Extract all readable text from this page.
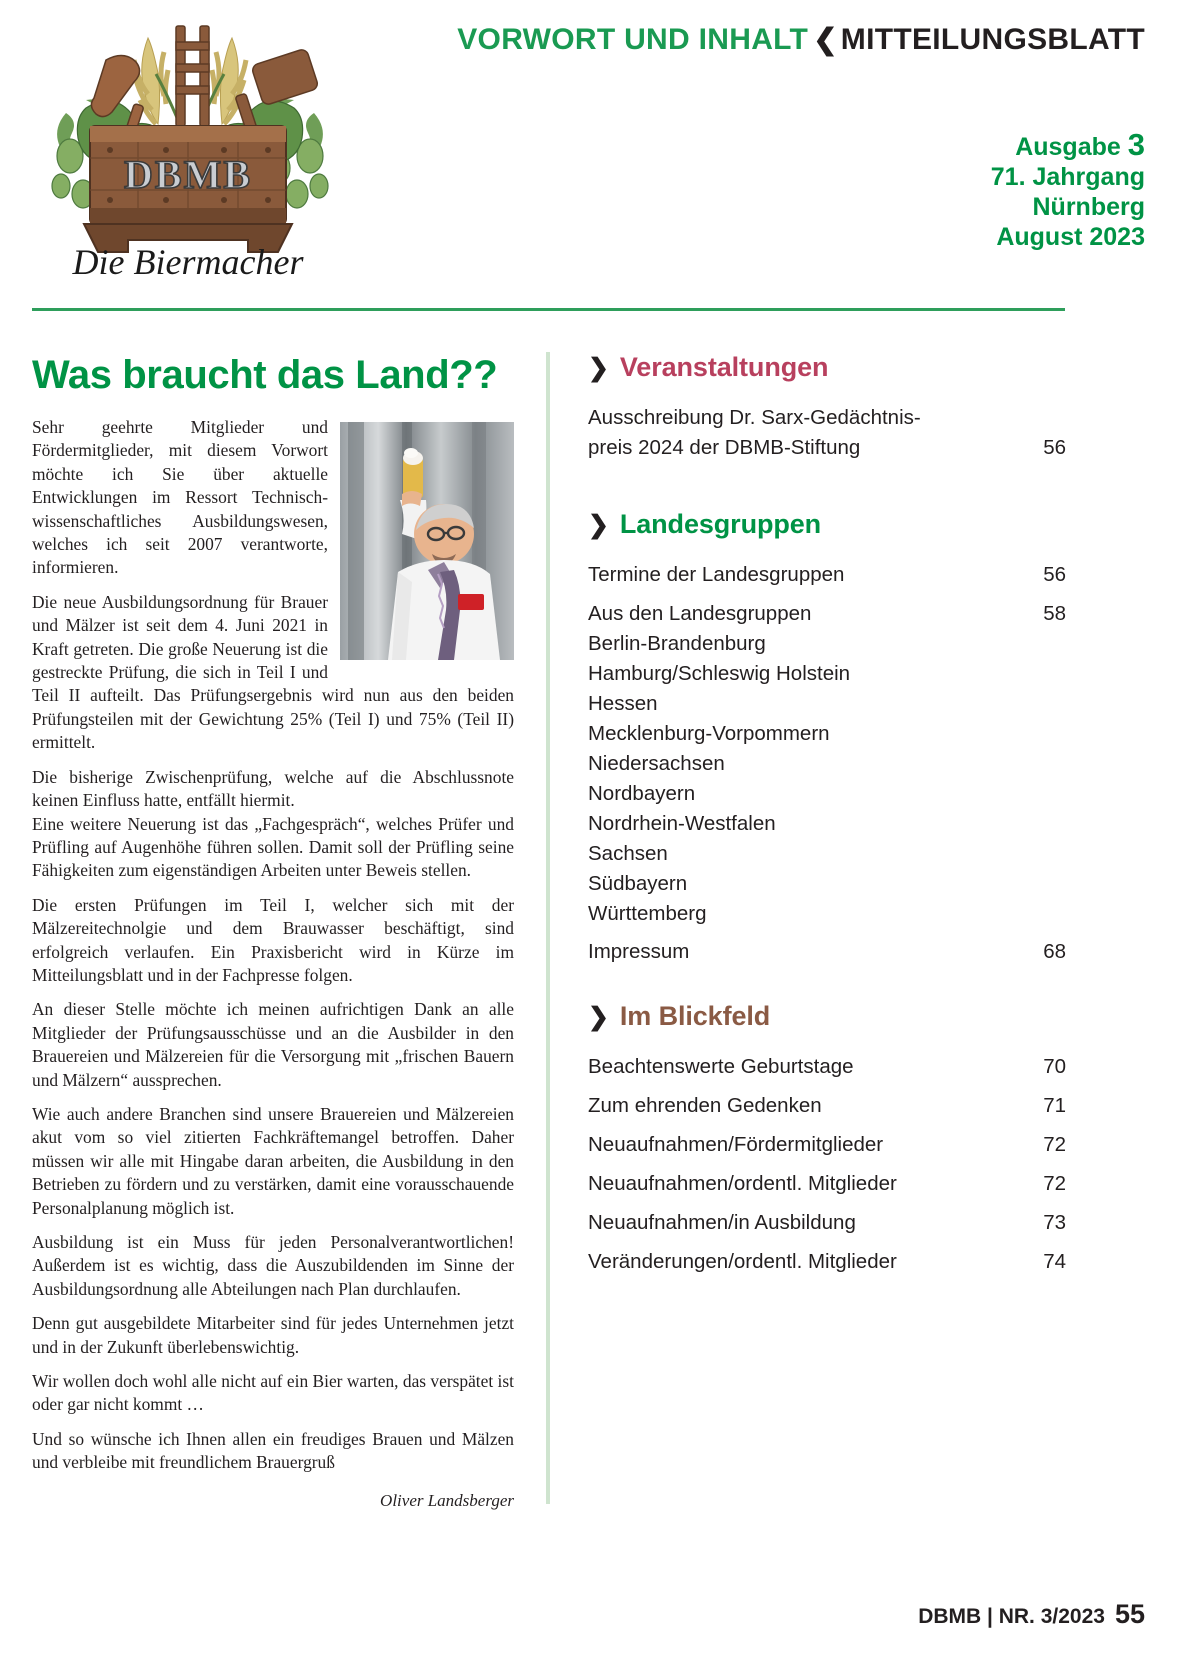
DBMB
Die Biermacher
VORWORT UND INHALT ❮ MITTEILUNGSBLATT
Ausgabe 3
71. Jahrgang
Nürnberg
August 2023
Was braucht das Land??

Sehr geehrte Mitglieder und Fördermitglieder, mit diesem Vorwort möchte ich Sie über aktuelle Entwicklungen im Ressort Technisch-wissenschaftliches Ausbildungswesen, welches ich seit 2007 verantworte, informieren.

Die neue Ausbildungsordnung für Brauer und Mälzer ist seit dem 4. Juni 2021 in Kraft getreten. Die große Neuerung ist die gestreckte Prüfung, die sich in Teil I und Teil II aufteilt. Das Prüfungsergebnis wird nun aus den beiden Prüfungsteilen mit der Gewichtung 25% (Teil I) und 75% (Teil II) ermittelt.

Die bisherige Zwischenprüfung, welche auf die Abschlussnote keinen Einfluss hatte, entfällt hiermit.

Eine weitere Neuerung ist das „Fachgespräch“, welches Prüfer und Prüfling auf Augenhöhe führen sollen. Damit soll der Prüfling seine Fähigkeiten zum eigenständigen Arbeiten unter Beweis stellen.

Die ersten Prüfungen im Teil I, welcher sich mit der Mälzereitechnolgie und dem Brauwasser beschäftigt, sind erfolgreich verlaufen. Ein Praxisbericht wird in Kürze im Mitteilungsblatt und in der Fachpresse folgen.

An dieser Stelle möchte ich meinen aufrichtigen Dank an alle Mitglieder der Prüfungsausschüsse und an die Ausbilder in den Brauereien und Mälzereien für die Versorgung mit „frischen Bauern und Mälzern“ aussprechen.

Wie auch andere Branchen sind unsere Brauereien und Mälzereien akut vom so viel zitierten Fachkräftemangel betroffen. Daher müssen wir alle mit Hingabe daran arbeiten, die Ausbildung in den Betrieben zu fördern und zu verstärken, damit eine vorausschauende Personalplanung möglich ist.

Ausbildung ist ein Muss für jeden Personalverantwortlichen! Außerdem ist es wichtig, dass die Auszubildenden im Sinne der Ausbildungsordnung alle Abteilungen nach Plan durchlaufen.

Denn gut ausgebildete Mitarbeiter sind für jedes Unternehmen jetzt und in der Zukunft überlebenswichtig.

Wir wollen doch wohl alle nicht auf ein Bier warten, das verspätet ist oder gar nicht kommt …

Und so wünsche ich Ihnen allen ein freudiges Brauen und Mälzen und verbleibe mit freundlichem Brauergruß

Oliver Landsberger
❯ Veranstaltungen
Ausschreibung Dr. Sarx-Gedächtnis-
preis 2024 der DBMB-Stiftung	56
❯ Landesgruppen
Termine der Landesgruppen	56
Aus den Landesgruppen	58
Berlin-Brandenburg
Hamburg/Schleswig Holstein
Hessen
Mecklenburg-Vorpommern
Niedersachsen
Nordbayern
Nordrhein-Westfalen
Sachsen
Südbayern
Württemberg
Impressum	68
❯ Im Blickfeld
Beachtenswerte Geburtstage	70
Zum ehrenden Gedenken	71
Neuaufnahmen/Fördermitglieder	72
Neuaufnahmen/ordentl. Mitglieder	72
Neuaufnahmen/in Ausbildung	73
Veränderungen/ordentl. Mitglieder	74
DBMB | NR. 3/2023 55
